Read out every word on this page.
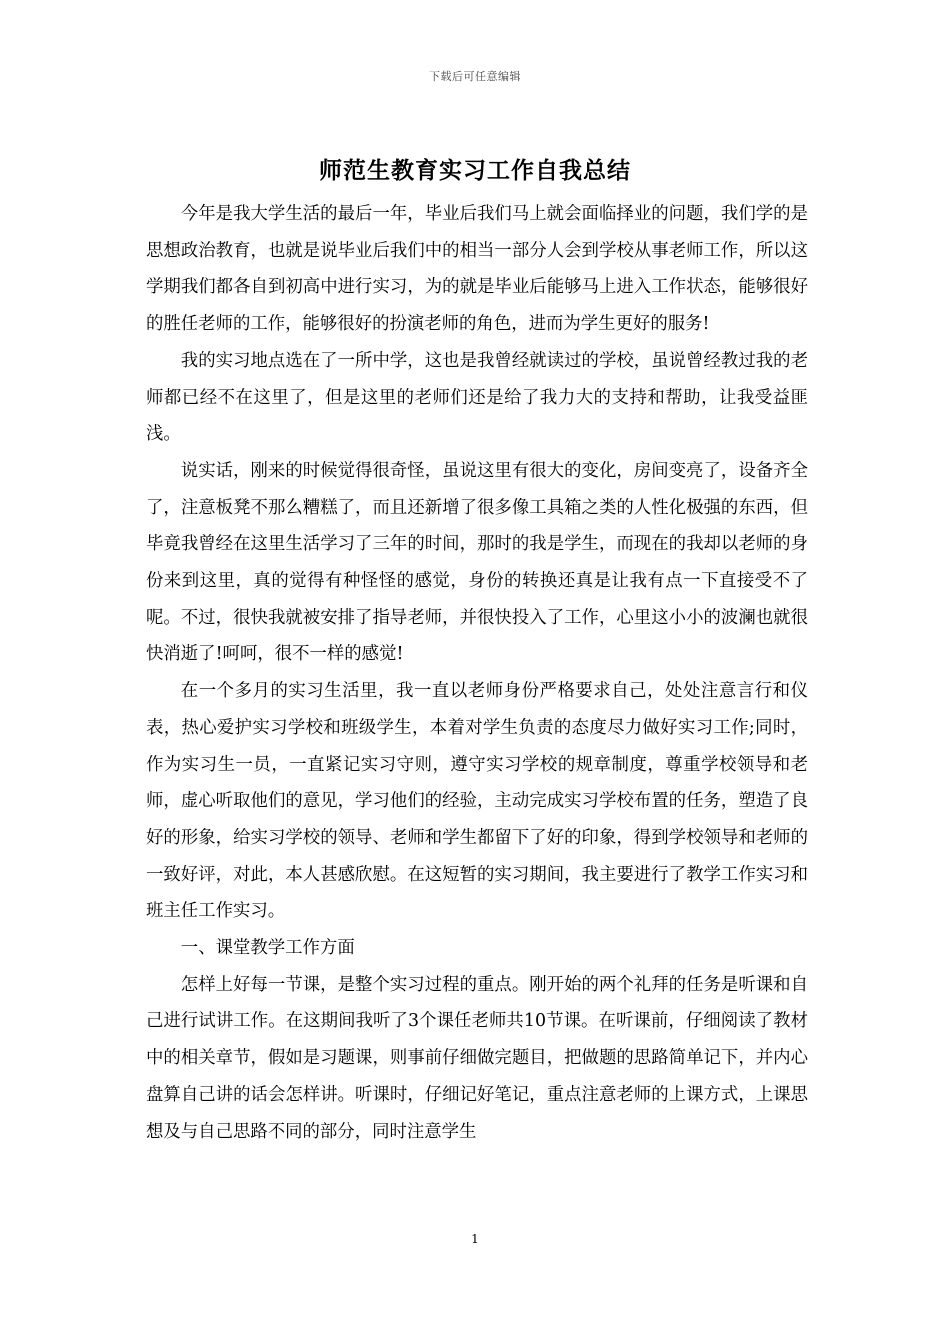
下载后可任意编辑
师范生教育实习工作自我总结

今年是我大学生活的最后一年，毕业后我们马上就会面临择业的问题，我们学的是思想政治教育，也就是说毕业后我们中的相当一部分人会到学校从事老师工作，所以这学期我们都各自到初高中进行实习，为的就是毕业后能够马上进入工作状态，能够很好的胜任老师的工作，能够很好的扮演老师的角色，进而为学生更好的服务!

我的实习地点选在了一所中学，这也是我曾经就读过的学校，虽说曾经教过我的老师都已经不在这里了，但是这里的老师们还是给了我力大的支持和帮助，让我受益匪浅。

说实话，刚来的时候觉得很奇怪，虽说这里有很大的变化，房间变亮了，设备齐全了，注意板凳不那么糟糕了，而且还新增了很多像工具箱之类的人性化极强的东西，但毕竟我曾经在这里生活学习了三年的时间，那时的我是学生，而现在的我却以老师的身份来到这里，真的觉得有种怪怪的感觉，身份的转换还真是让我有点一下直接受不了呢。不过，很快我就被安排了指导老师，并很快投入了工作，心里这小小的波澜也就很快消逝了!呵呵，很不一样的感觉!

在一个多月的实习生活里，我一直以老师身份严格要求自己，处处注意言行和仪表，热心爱护实习学校和班级学生，本着对学生负责的态度尽力做好实习工作;同时，作为实习生一员，一直紧记实习守则，遵守实习学校的规章制度，尊重学校领导和老师，虚心听取他们的意见，学习他们的经验，主动完成实习学校布置的任务，塑造了良好的形象，给实习学校的领导、老师和学生都留下了好的印象，得到学校领导和老师的一致好评，对此，本人甚感欣慰。在这短暂的实习期间，我主要进行了教学工作实习和班主任工作实习。

一、课堂教学工作方面

怎样上好每一节课，是整个实习过程的重点。刚开始的两个礼拜的任务是听课和自己进行试讲工作。在这期间我听了3个课任老师共10节课。在听课前，仔细阅读了教材中的相关章节，假如是习题课，则事前仔细做完题目，把做题的思路简单记下，并内心盘算自己讲的话会怎样讲。听课时，仔细记好笔记，重点注意老师的上课方式，上课思想及与自己思路不同的部分，同时注意学生

1
